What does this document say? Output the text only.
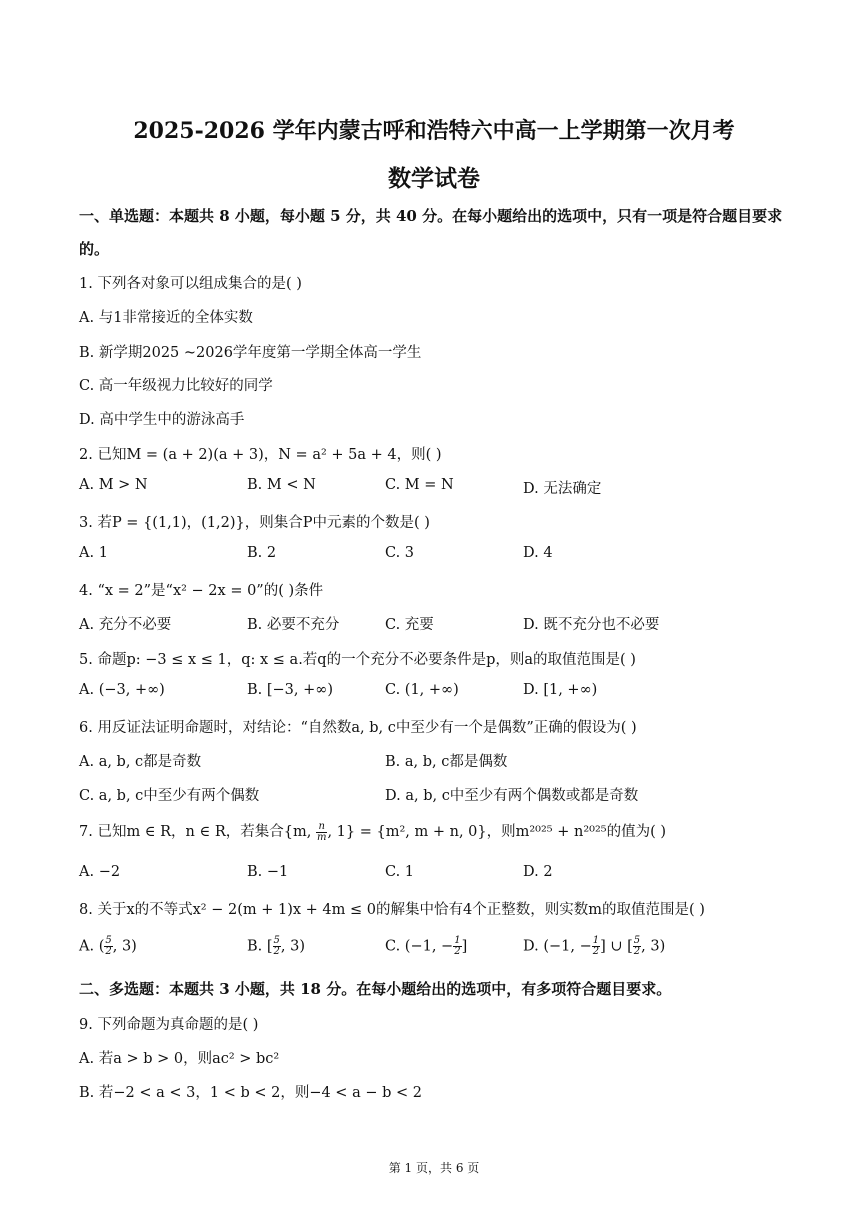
2025-2026 学年内蒙古呼和浩特六中高一上学期第一次月考
数学试卷
一、单选题：本题共 8 小题，每小题 5 分，共 40 分。在每小题给出的选项中，只有一项是符合题目要求
的。
1. 下列各对象可以组成集合的是( )
A. 与1非常接近的全体实数
B. 新学期2025 ~2026学年度第一学期全体高一学生
C. 高一年级视力比较好的同学
D. 高中学生中的游泳高手
2. 已知M = (a + 2)(a + 3)，N = a² + 5a + 4，则( )
A. M > N	B. M < N	C. M = N	D. 无法确定
3. 若P = {(1,1)，(1,2)}，则集合P中元素的个数是( )
A. 1	B. 2	C. 3	D. 4
4. “x = 2”是“x² − 2x = 0”的( )条件
A. 充分不必要	B. 必要不充分	C. 充要	D. 既不充分也不必要
5. 命题p: −3 ≤ x ≤ 1，q: x ≤ a.若q的一个充分不必要条件是p，则a的取值范围是( )
A. (−3, +∞)	B. [−3, +∞)	C. (1, +∞)	D. [1, +∞)
6. 用反证法证明命题时，对结论：“自然数a, b, c中至少有一个是偶数”正确的假设为( )
A. a, b, c都是奇数	B. a, b, c都是偶数
C. a, b, c中至少有两个偶数	D. a, b, c中至少有两个偶数或都是奇数
7. 已知m ∈ R，n ∈ R，若集合{m, $\frac{n}{m}$ , 1} = {m², m + n, 0}，则m²⁰²⁵ + n²⁰²⁵的值为( )
A. −2	B. −1	C. 1	D. 2
8. 关于x的不等式x² − 2(m + 1)x + 4m ≤ 0的解集中恰有4个正整数，则实数m的取值范围是( )
A. ( $\frac{5}{2}$ , 3)	B. [ $\frac{5}{2}$ , 3)	C. (−1, − $\frac{1}{2}$ ]	D. (−1, − $\frac{1}{2}$ ] ∪ [ $\frac{5}{2}$ , 3)
二、多选题：本题共 3 小题，共 18 分。在每小题给出的选项中，有多项符合题目要求。
9. 下列命题为真命题的是( )
A. 若a > b > 0，则ac² > bc²
B. 若−2 < a < 3，1 < b < 2，则−4 < a − b < 2
第 1 页，共 6 页
